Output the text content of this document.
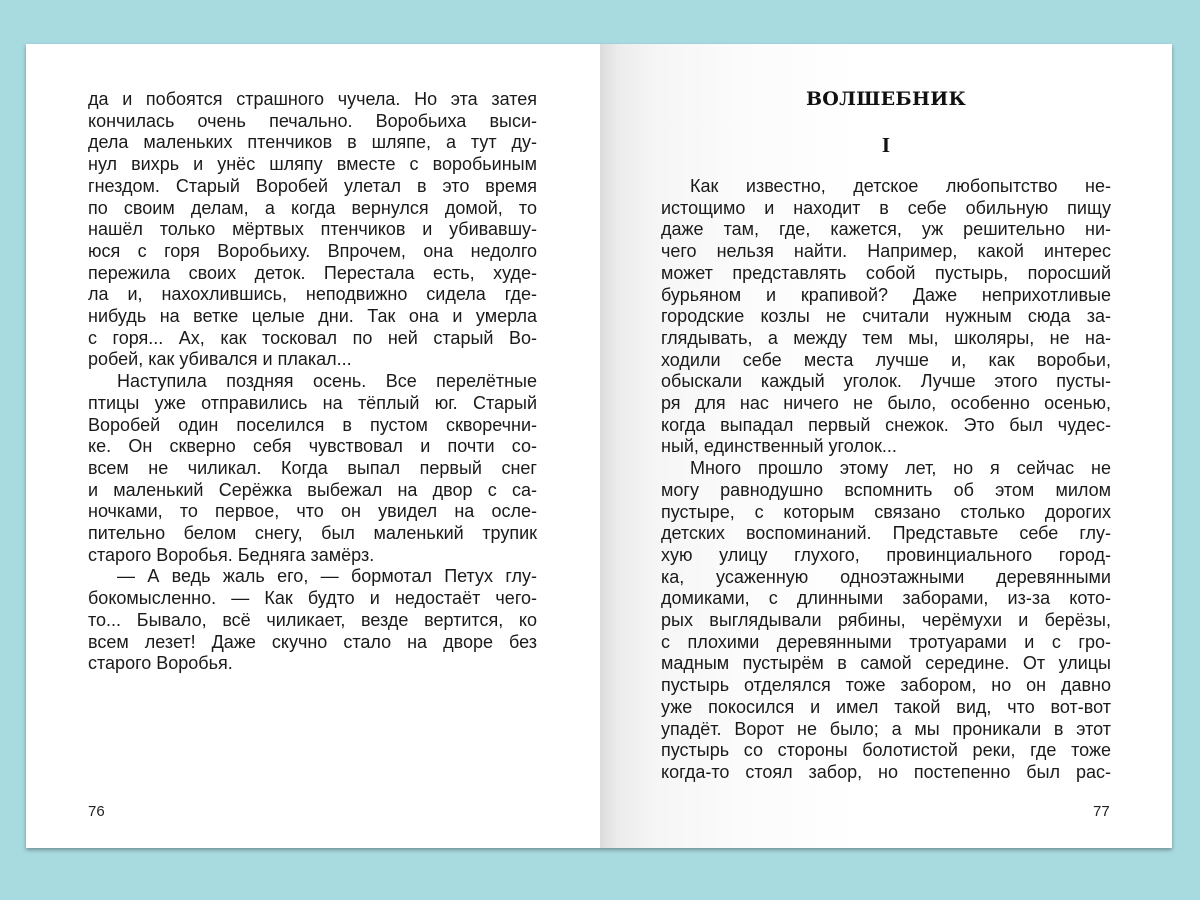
да и побоятся страшного чучела. Но эта затея
кончилась очень печально. Воробьиха выси-
дела маленьких птенчиков в шляпе, а тут ду-
нул вихрь и унёс шляпу вместе с воробьиным
гнездом. Старый Воробей улетал в это время
по своим делам, а когда вернулся домой, то
нашёл только мёртвых птенчиков и убивавшу-
юся с горя Воробьиху. Впрочем, она недолго
пережила своих деток. Перестала есть, худе-
ла и, нахохлившись, неподвижно сидела где-
нибудь на ветке целые дни. Так она и умерла
с горя... Ах, как тосковал по ней старый Во-
робей, как убивался и плакал...
Наступила поздняя осень. Все перелётные
птицы уже отправились на тёплый юг. Старый
Воробей один поселился в пустом скворечни-
ке. Он скверно себя чувствовал и почти со-
всем не чиликал. Когда выпал первый снег
и маленький Серёжка выбежал на двор с са-
ночками, то первое, что он увидел на осле-
пительно белом снегу, был маленький трупик
старого Воробья. Бедняга замёрз.
— А ведь жаль его, — бормотал Петух глу-
бокомысленно. — Как будто и недостаёт чего-
то... Бывало, всё чиликает, везде вертится, ко
всем лезет! Даже скучно стало на дворе без
старого Воробья.
76
ВОЛШЕБНИК
I
Как известно, детское любопытство не-
истощимо и находит в себе обильную пищу
даже там, где, кажется, уж решительно ни-
чего нельзя найти. Например, какой интерес
может представлять собой пустырь, поросший
бурьяном и крапивой? Даже неприхотливые
городские козлы не считали нужным сюда за-
глядывать, а между тем мы, школяры, не на-
ходили себе места лучше и, как воробьи,
обыскали каждый уголок. Лучше этого пусты-
ря для нас ничего не было, особенно осенью,
когда выпадал первый снежок. Это был чудес-
ный, единственный уголок...
Много прошло этому лет, но я сейчас не
могу равнодушно вспомнить об этом милом
пустыре, с которым связано столько дорогих
детских воспоминаний. Представьте себе глу-
хую улицу глухого, провинциального город-
ка, усаженную одноэтажными деревянными
домиками, с длинными заборами, из-за кото-
рых выглядывали рябины, черёмухи и берёзы,
с плохими деревянными тротуарами и с гро-
мадным пустырём в самой середине. От улицы
пустырь отделялся тоже забором, но он давно
уже покосился и имел такой вид, что вот-вот
упадёт. Ворот не было; а мы проникали в этот
пустырь со стороны болотистой реки, где тоже
когда-то стоял забор, но постепенно был рас-
77
